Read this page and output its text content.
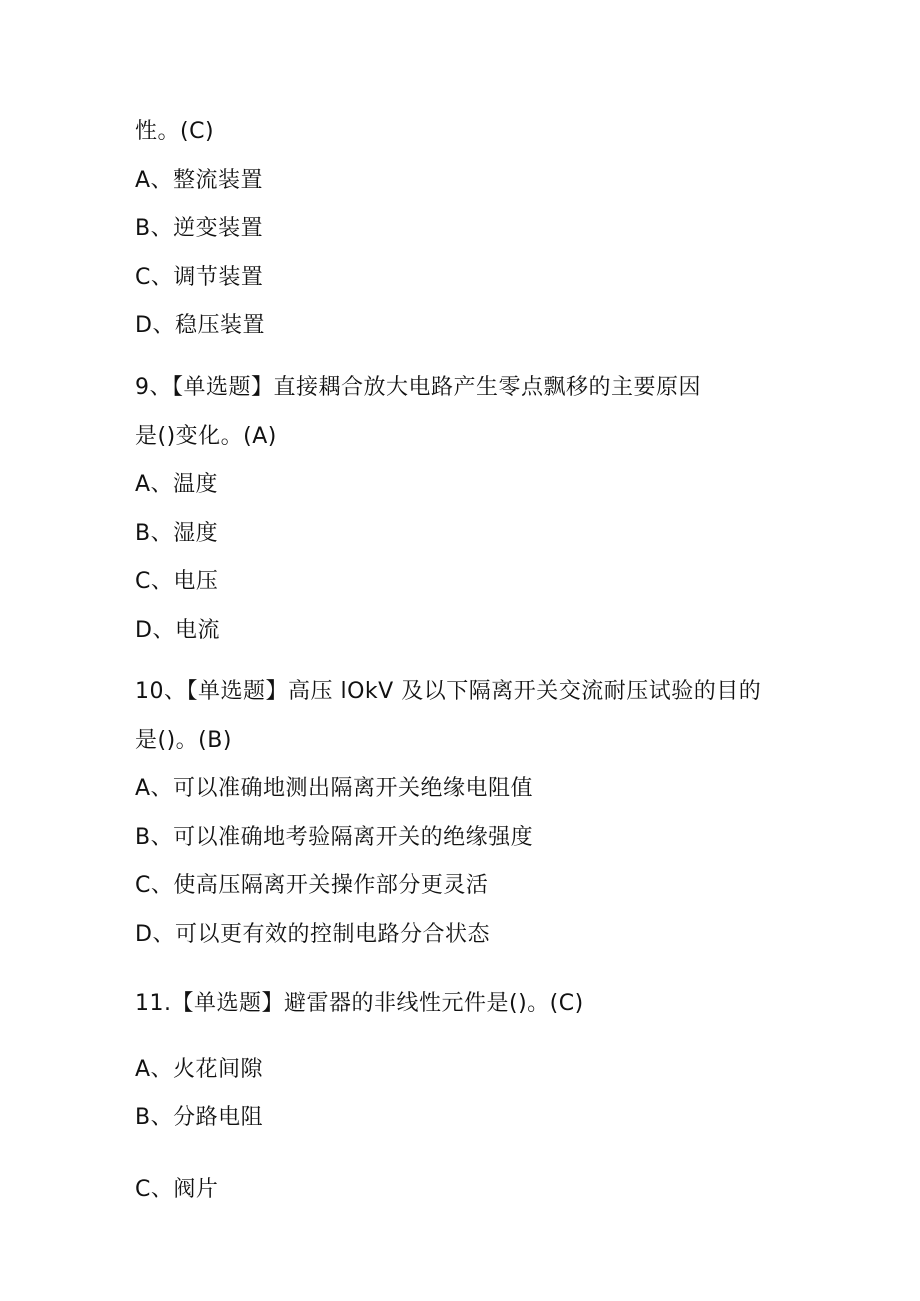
性。(C)
A、整流装置
B、逆变装置
C、调节装置
D、稳压装置
9、【单选题】直接耦合放大电路产生零点飘移的主要原因
是()变化。(A)
A、温度
B、湿度
C、电压
D、电流
10、【单选题】高压 lOkV 及以下隔离开关交流耐压试验的目的
是()。(B)
A、可以准确地测出隔离开关绝缘电阻值
B、可以准确地考验隔离开关的绝缘强度
C、使高压隔离开关操作部分更灵活
D、可以更有效的控制电路分合状态
11.【单选题】避雷器的非线性元件是()。(C)
A、火花间隙
B、分路电阻
C、阀片
